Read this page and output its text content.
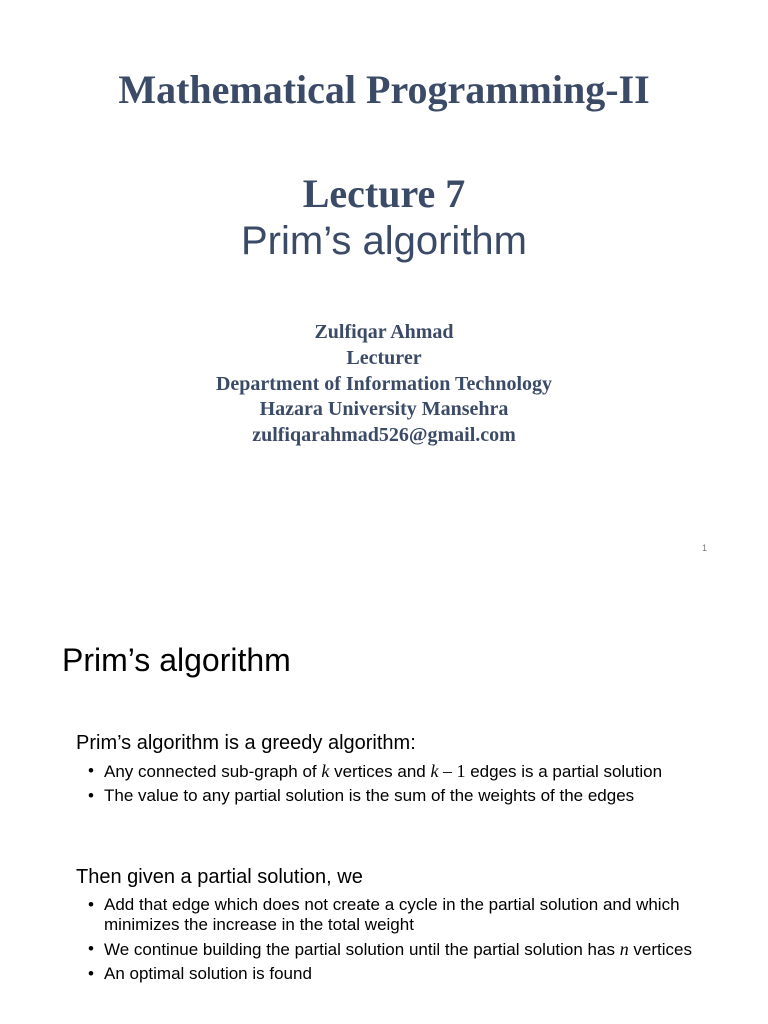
Mathematical Programming-II
Lecture 7
Prim’s algorithm
Zulfiqar Ahmad
Lecturer
Department of Information Technology
Hazara University Mansehra
zulfiqarahmad526@gmail.com
1
Prim’s algorithm
Prim’s algorithm is a greedy algorithm:
• Any connected sub-graph of k vertices and k – 1 edges is a partial solution
• The value to any partial solution is the sum of the weights of the edges
Then given a partial solution, we
• Add that edge which does not create a cycle in the partial solution and which minimizes the increase in the total weight
• We continue building the partial solution until the partial solution has n vertices
• An optimal solution is found
